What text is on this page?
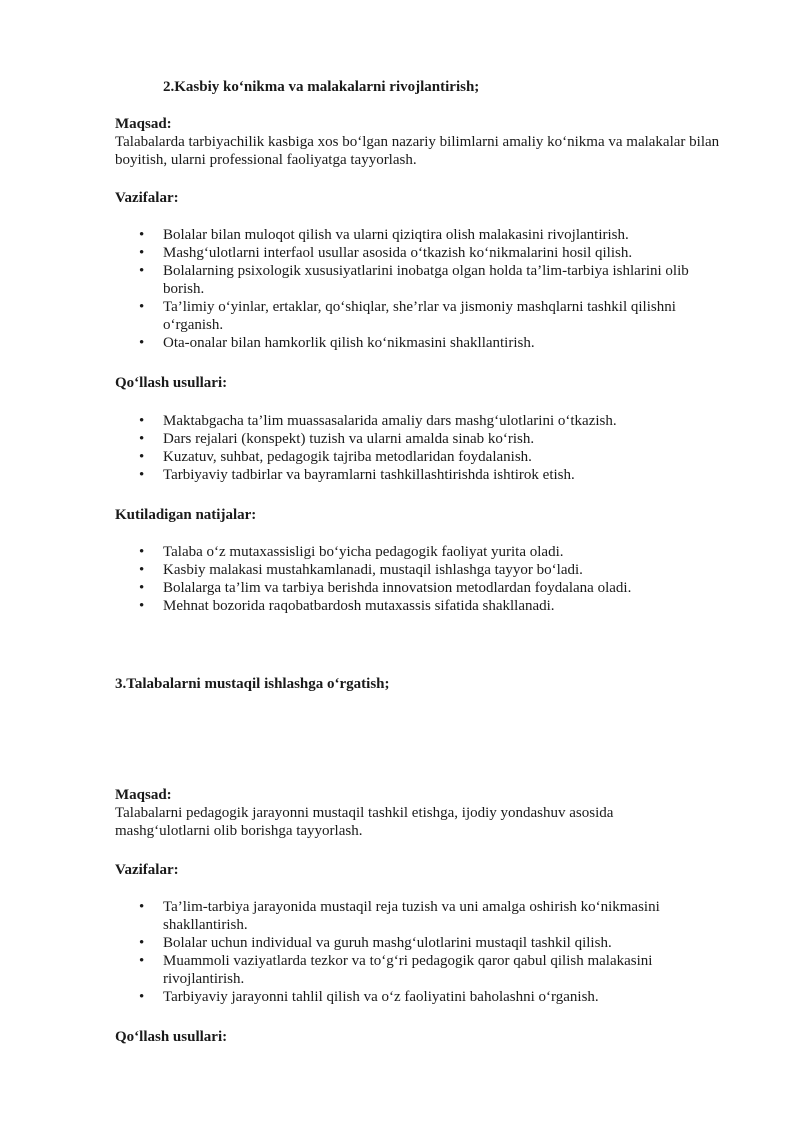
2.Kasbiy ko‘nikma va malakalarni rivojlantirish;
Maqsad:
Talabalarda tarbiyachilik kasbiga xos bo‘lgan nazariy bilimlarni amaliy ko‘nikma va malakalar bilan boyitish, ularni professional faoliyatga tayyorlash.
Vazifalar:
• Bolalar bilan muloqot qilish va ularni qiziqtira olish malakasini rivojlantirish.
• Mashg‘ulotlarni interfaol usullar asosida o‘tkazish ko‘nikmalarini hosil qilish.
• Bolalarning psixologik xususiyatlarini inobatga olgan holda ta’lim-tarbiya ishlarini olib borish.
• Ta’limiy o‘yinlar, ertaklar, qo‘shiqlar, she’rlar va jismoniy mashqlarni tashkil qilishni o‘rganish.
• Ota-onalar bilan hamkorlik qilish ko‘nikmasini shakllantirish.
Qo‘llash usullari:
• Maktabgacha ta’lim muassasalarida amaliy dars mashg‘ulotlarini o‘tkazish.
• Dars rejalari (konspekt) tuzish va ularni amalda sinab ko‘rish.
• Kuzatuv, suhbat, pedagogik tajriba metodlaridan foydalanish.
• Tarbiyaviy tadbirlar va bayramlarni tashkillashtirishda ishtirok etish.
Kutiladigan natijalar:
• Talaba o‘z mutaxassisligi bo‘yicha pedagogik faoliyat yurita oladi.
• Kasbiy malakasi mustahkamlanadi, mustaqil ishlashga tayyor bo‘ladi.
• Bolalarga ta’lim va tarbiya berishda innovatsion metodlardan foydalana oladi.
• Mehnat bozorida raqobatbardosh mutaxassis sifatida shakllanadi.
3.Talabalarni mustaqil ishlashga o‘rgatish;
Maqsad:
Talabalarni pedagogik jarayonni mustaqil tashkil etishga, ijodiy yondashuv asosida mashg‘ulotlarni olib borishga tayyorlash.
Vazifalar:
• Ta’lim-tarbiya jarayonida mustaqil reja tuzish va uni amalga oshirish ko‘nikmasini shakllantirish.
• Bolalar uchun individual va guruh mashg‘ulotlarini mustaqil tashkil qilish.
• Muammoli vaziyatlarda tezkor va to‘g‘ri pedagogik qaror qabul qilish malakasini rivojlantirish.
• Tarbiyaviy jarayonni tahlil qilish va o‘z faoliyatini baholashni o‘rganish.
Qo‘llash usullari:
